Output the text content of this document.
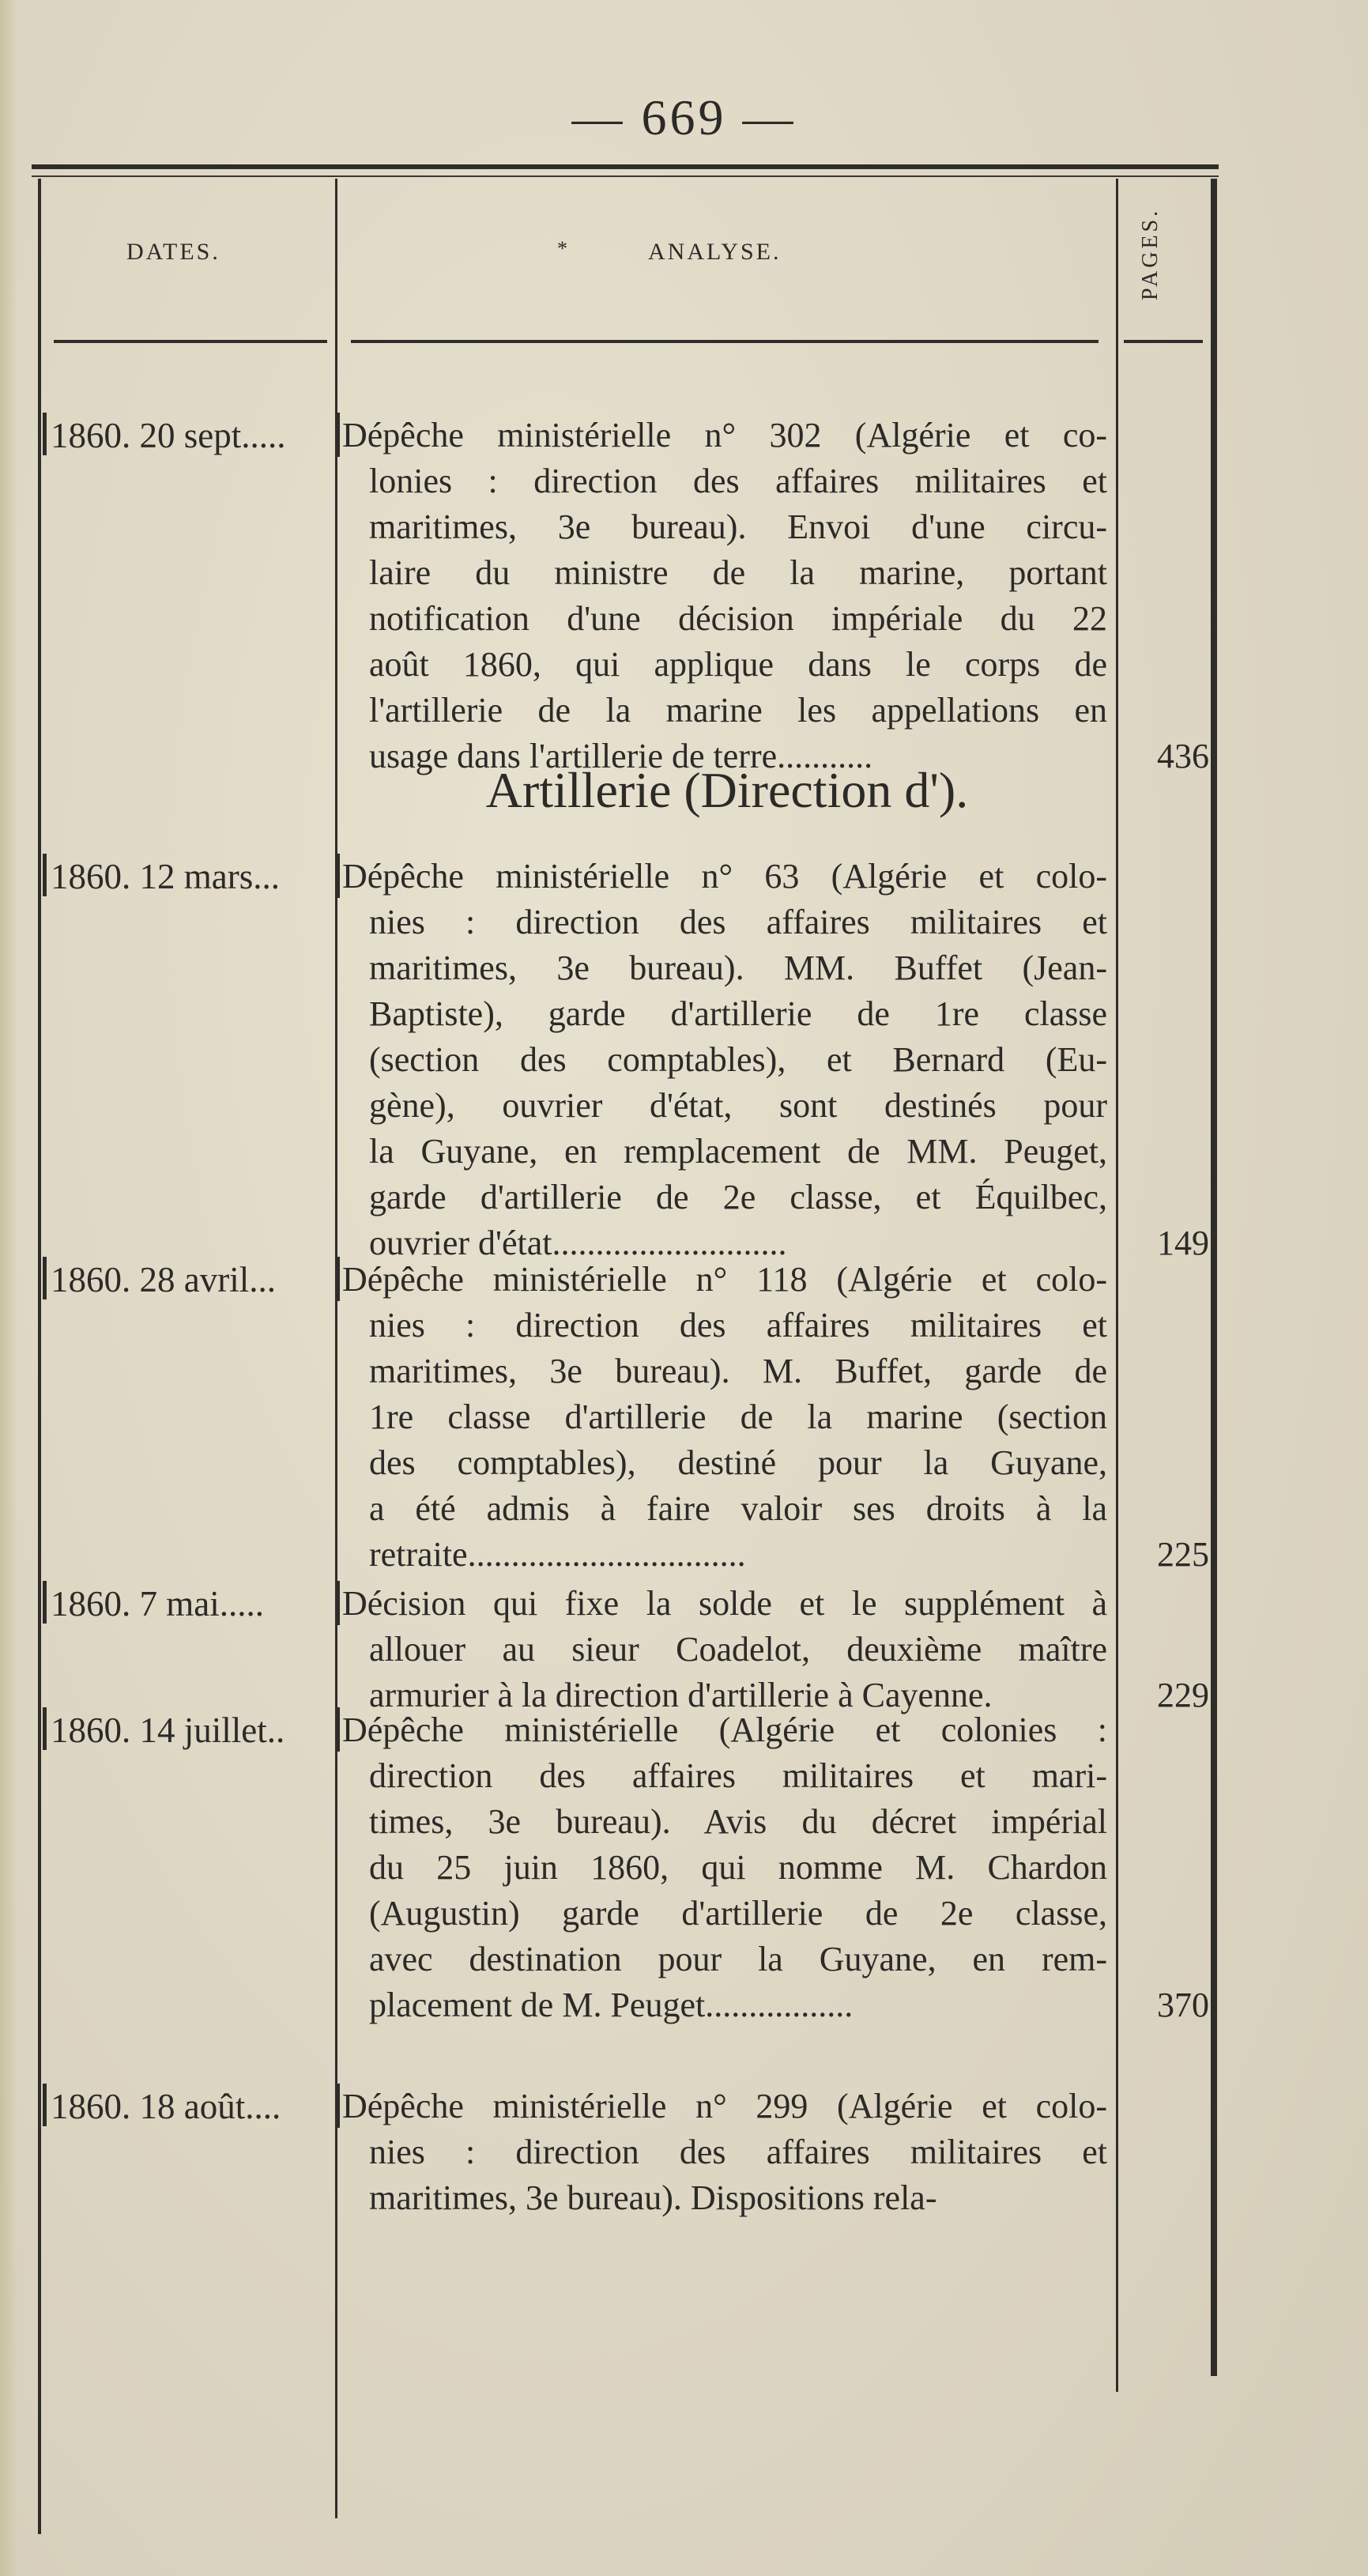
— 669 —
DATES.	*	ANALYSE.	PAGES.
Artillerie (Direction d').
1860. 20 sept.....	Dépêche ministérielle n° 302 (Algérie et co-
lonies : direction des affaires militaires et
maritimes, 3e bureau). Envoi d'une circu-
laire du ministre de la marine, portant
notification d'une décision impériale du 22
août 1860, qui applique dans le corps de
l'artillerie de la marine les appellations en
usage dans l'artillerie de terre...........	436
1860. 12 mars...	Dépêche ministérielle n° 63 (Algérie et colo-
nies : direction des affaires militaires et
maritimes, 3e bureau). MM. Buffet (Jean-
Baptiste), garde d'artillerie de 1re classe
(section des comptables), et Bernard (Eu-
gène), ouvrier d'état, sont destinés pour
la Guyane, en remplacement de MM. Peuget,
garde d'artillerie de 2e classe, et Équilbec,
ouvrier d'état...........................	149
1860. 28 avril...	Dépêche ministérielle n° 118 (Algérie et colo-
nies : direction des affaires militaires et
maritimes, 3e bureau). M. Buffet, garde de
1re classe d'artillerie de la marine (section
des comptables), destiné pour la Guyane,
a été admis à faire valoir ses droits à la
retraite................................	225
1860. 7 mai.....	Décision qui fixe la solde et le supplément à
allouer au sieur Coadelot, deuxième maître
armurier à la direction d'artillerie à Cayenne.	229
1860. 14 juillet..	Dépêche ministérielle (Algérie et colonies :
direction des affaires militaires et mari-
times, 3e bureau). Avis du décret impérial
du 25 juin 1860, qui nomme M. Chardon
(Augustin) garde d'artillerie de 2e classe,
avec destination pour la Guyane, en rem-
placement de M. Peuget.................	370
1860. 18 août....	Dépêche ministérielle n° 299 (Algérie et colo-
nies : direction des affaires militaires et
maritimes, 3e bureau). Dispositions rela-
